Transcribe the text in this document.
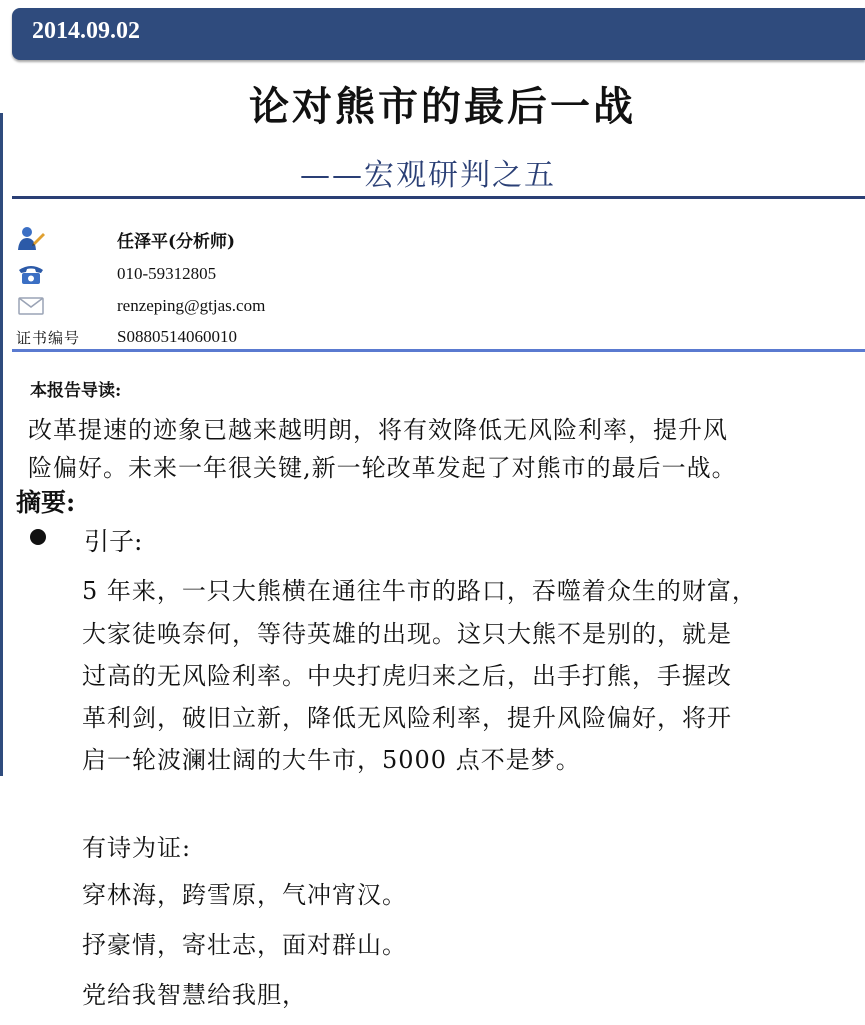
2014.09.02
论对熊市的最后一战
——宏观研判之五
任泽平(分析师)
010-59312805
renzeping@gtjas.com
证书编号 S0880514060010
本报告导读:
改革提速的迹象已越来越明朗，将有效降低无风险利率，提升风
险偏好。未来一年很关键,新一轮改革发起了对熊市的最后一战。
摘要:
引子:
5 年来，一只大熊横在通往牛市的路口，吞噬着众生的财富，
大家徒唤奈何，等待英雄的出现。这只大熊不是别的，就是
过高的无风险利率。中央打虎归来之后，出手打熊，手握改
革利剑，破旧立新，降低无风险利率，提升风险偏好，将开
启一轮波澜壮阔的大牛市，5000 点不是梦。
有诗为证:
穿林海，跨雪原，气冲宵汉。
抒豪情，寄壮志，面对群山。
党给我智慧给我胆，
